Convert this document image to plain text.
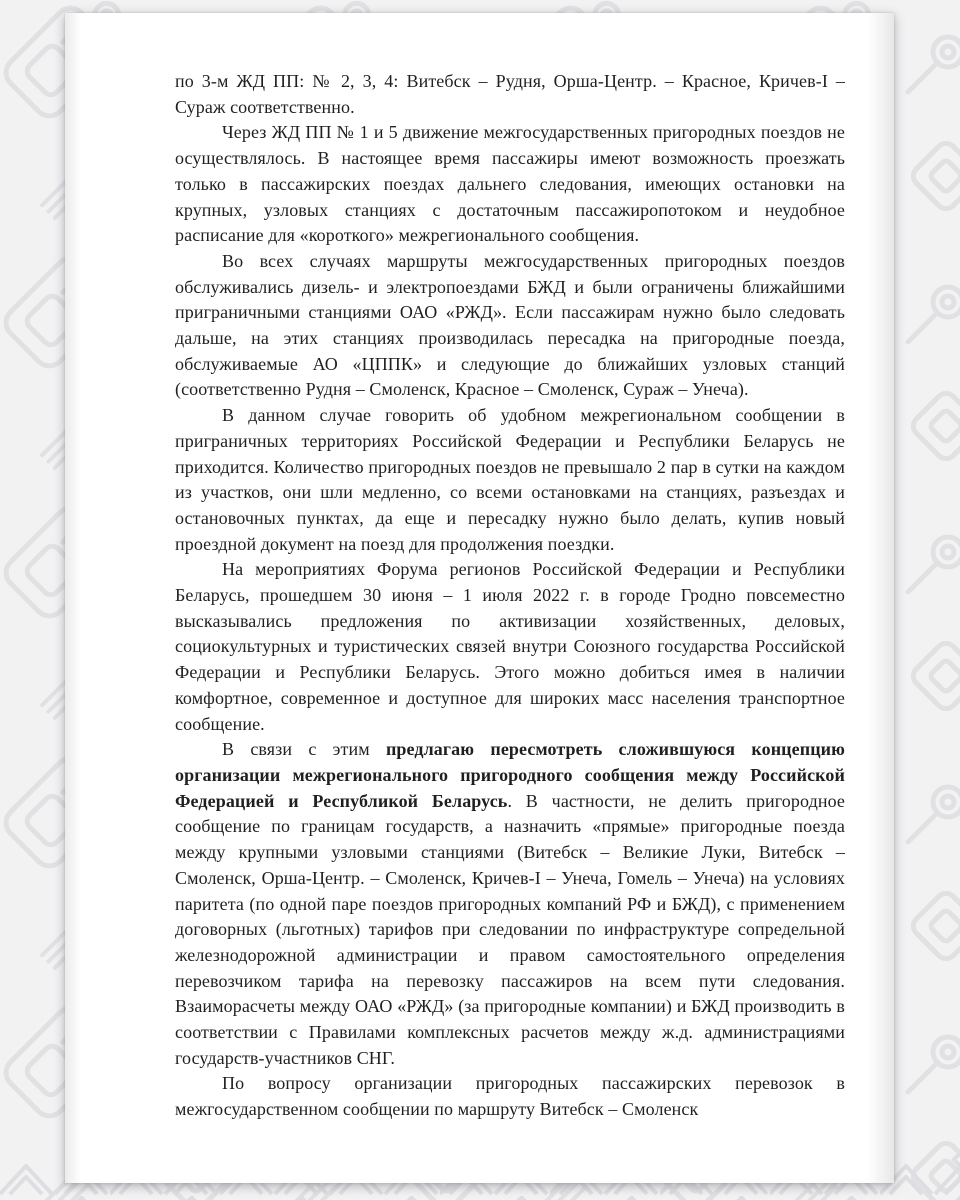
по 3-м ЖД ПП: № 2, 3, 4: Витебск – Рудня, Орша-Центр. – Красное, Кричев-I – Сураж соответственно.

Через ЖД ПП № 1 и 5 движение межгосударственных пригородных поездов не осуществлялось. В настоящее время пассажиры имеют возможность проезжать только в пассажирских поездах дальнего следования, имеющих остановки на крупных, узловых станциях с достаточным пассажиропотоком и неудобное расписание для «короткого» межрегионального сообщения.

Во всех случаях маршруты межгосударственных пригородных поездов обслуживались дизель- и электропоездами БЖД и были ограничены ближайшими приграничными станциями ОАО «РЖД». Если пассажирам нужно было следовать дальше, на этих станциях производилась пересадка на пригородные поезда, обслуживаемые АО «ЦППК» и следующие до ближайших узловых станций (соответственно Рудня – Смоленск, Красное – Смоленск, Сураж – Унеча).

В данном случае говорить об удобном межрегиональном сообщении в приграничных территориях Российской Федерации и Республики Беларусь не приходится. Количество пригородных поездов не превышало 2 пар в сутки на каждом из участков, они шли медленно, со всеми остановками на станциях, разъездах и остановочных пунктах, да еще и пересадку нужно было делать, купив новый проездной документ на поезд для продолжения поездки.

На мероприятиях Форума регионов Российской Федерации и Республики Беларусь, прошедшем 30 июня – 1 июля 2022 г. в городе Гродно повсеместно высказывались предложения по активизации хозяйственных, деловых, социокультурных и туристических связей внутри Союзного государства Российской Федерации и Республики Беларусь. Этого можно добиться имея в наличии комфортное, современное и доступное для широких масс населения транспортное сообщение.

В связи с этим предлагаю пересмотреть сложившуюся концепцию организации межрегионального пригородного сообщения между Российской Федерацией и Республикой Беларусь. В частности, не делить пригородное сообщение по границам государств, а назначить «прямые» пригородные поезда между крупными узловыми станциями (Витебск – Великие Луки, Витебск – Смоленск, Орша-Центр. – Смоленск, Кричев-I – Унеча, Гомель – Унеча) на условиях паритета (по одной паре поездов пригородных компаний РФ и БЖД), с применением договорных (льготных) тарифов при следовании по инфраструктуре сопредельной железнодорожной администрации и правом самостоятельного определения перевозчиком тарифа на перевозку пассажиров на всем пути следования. Взаиморасчеты между ОАО «РЖД» (за пригородные компании) и БЖД производить в соответствии с Правилами комплексных расчетов между ж.д. администрациями государств-участников СНГ.

По вопросу организации пригородных пассажирских перевозок в межгосударственном сообщении по маршруту Витебск – Смоленск
